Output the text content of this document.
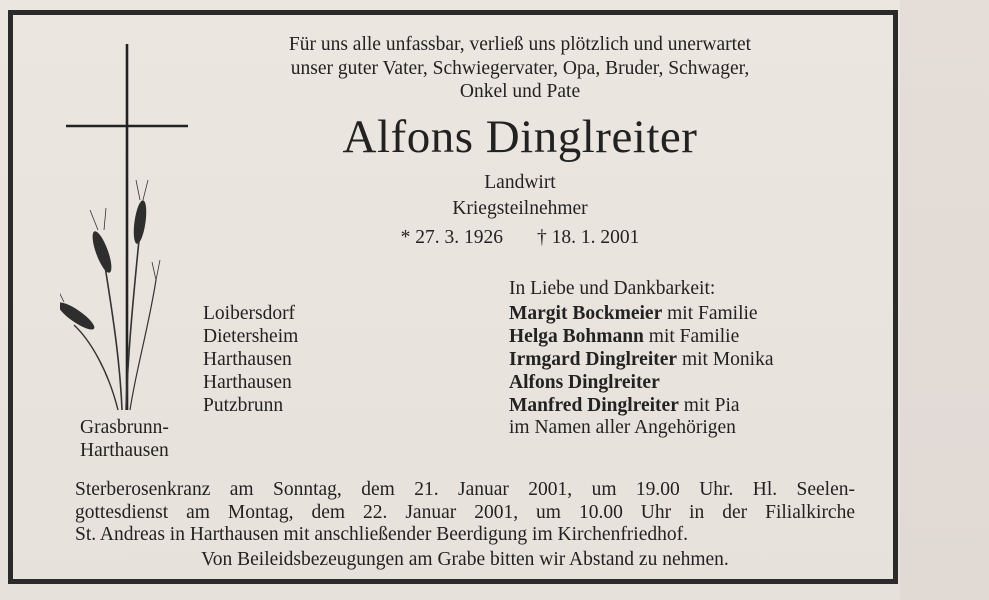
Für uns alle unfassbar, verließ uns plötzlich und unerwartet
unser guter Vater, Schwiegervater, Opa, Bruder, Schwager,
Onkel und Pate
Alfons Dinglreiter
Landwirt
Kriegsteilnehmer
* 27. 3. 1926 † 18. 1. 2001
In Liebe und Dankbarkeit:
Loibersdorf
Dietersheim
Harthausen
Harthausen
Putzbrunn
Margit Bockmeier mit Familie
Helga Bohmann mit Familie
Irmgard Dinglreiter mit Monika
Alfons Dinglreiter
Manfred Dinglreiter mit Pia
im Namen aller Angehörigen
Grasbrunn-
Harthausen
Sterberosenkranz am Sonntag, dem 21. Januar 2001, um 19.00 Uhr. Hl. Seelen-
gottesdienst am Montag, dem 22. Januar 2001, um 10.00 Uhr in der Filialkirche
St. Andreas in Harthausen mit anschließender Beerdigung im Kirchenfriedhof.
Von Beileidsbezeugungen am Grabe bitten wir Abstand zu nehmen.
